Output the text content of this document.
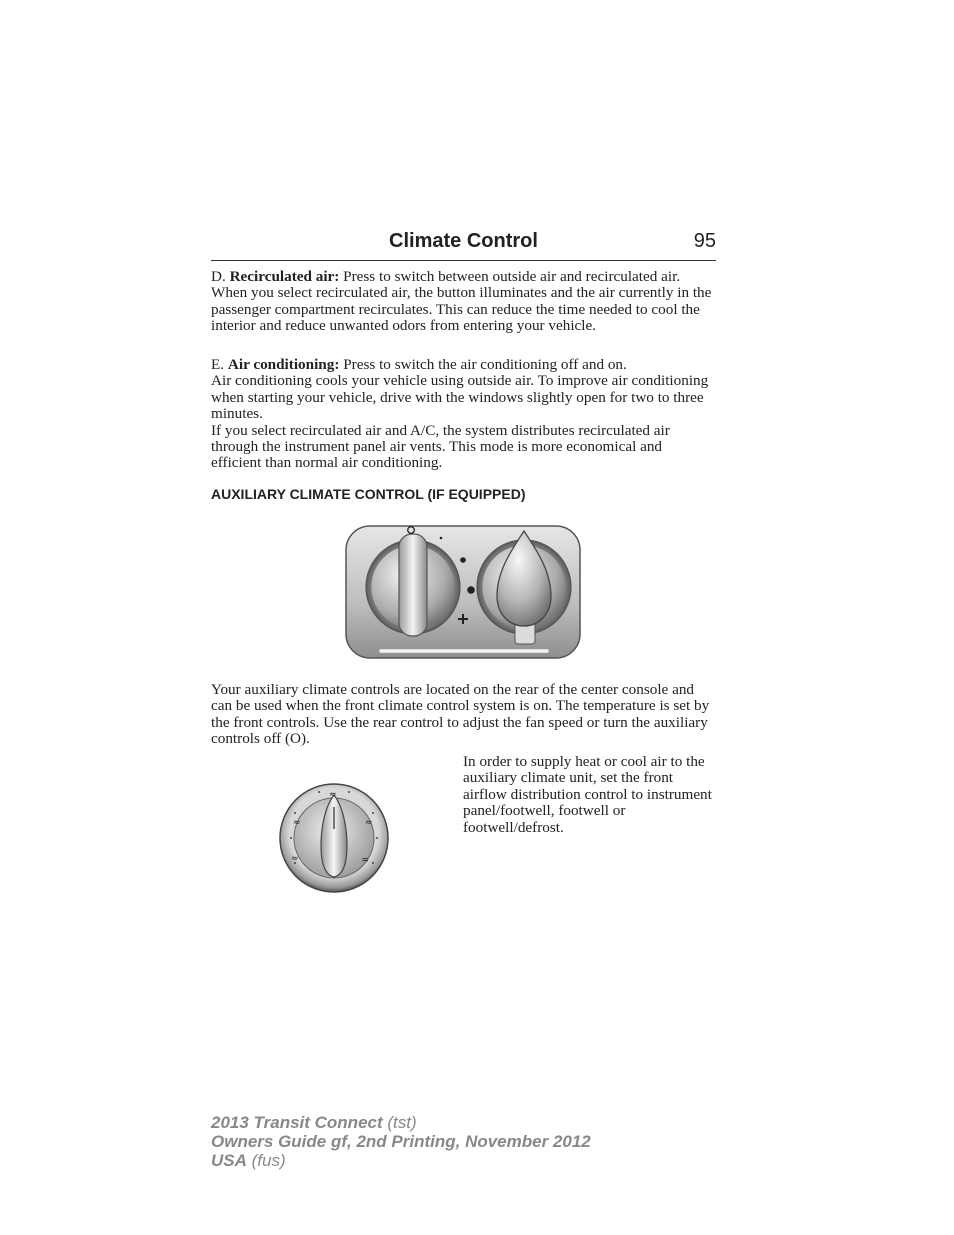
Climate Control	95

D. Recirculated air: Press to switch between outside air and recirculated air. When you select recirculated air, the button illuminates and the air currently in the passenger compartment recirculates. This can reduce the time needed to cool the interior and reduce unwanted odors from entering your vehicle.

E. Air conditioning: Press to switch the air conditioning off and on.

Air conditioning cools your vehicle using outside air. To improve air conditioning when starting your vehicle, drive with the windows slightly open for two to three minutes.

If you select recirculated air and A/C, the system distributes recirculated air through the instrument panel air vents. This mode is more economical and efficient than normal air conditioning.

AUXILIARY CLIMATE CONTROL (IF EQUIPPED)

Your auxiliary climate controls are located on the rear of the center console and can be used when the front climate control system is on. The temperature is set by the front controls. Use the rear control to adjust the fan speed or turn the auxiliary controls off (O).

≈
≈	≈
≈	♒

In order to supply heat or cool air to the auxiliary climate unit, set the front airflow distribution control to instrument panel/footwell, footwell or footwell/defrost.

2013 Transit Connect (tst)
Owners Guide gf, 2nd Printing, November 2012
USA (fus)
